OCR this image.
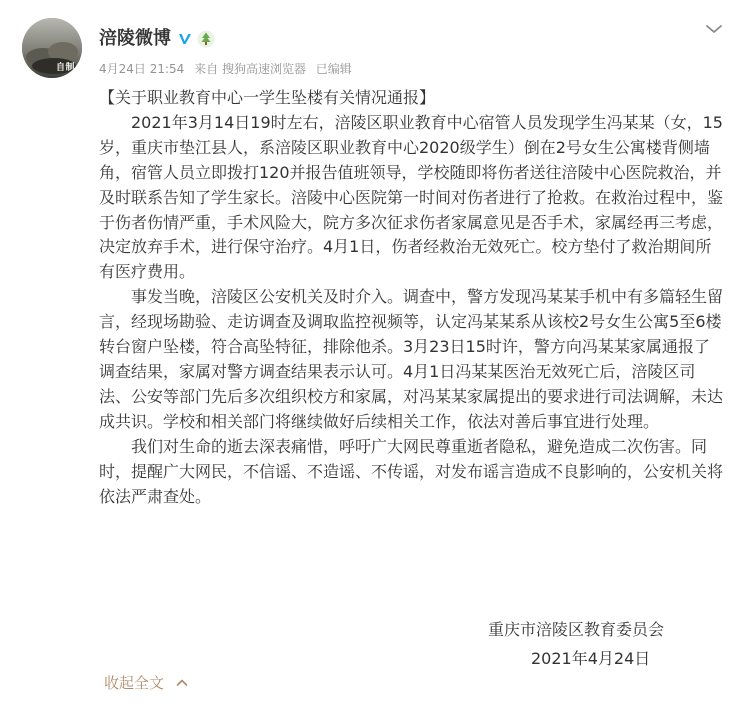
自制
涪陵微博
4月24日 21:54 来自 搜狗高速浏览器 已编辑

【关于职业教育中心一学生坠楼有关情况通报】

2021年3月14日19时左右，涪陵区职业教育中心宿管人员发现学生冯某某（女，15岁，重庆市垫江县人，系涪陵区职业教育中心2020级学生）倒在2号女生公寓楼背侧墙角，宿管人员立即拨打120并报告值班领导，学校随即将伤者送往涪陵中心医院救治，并及时联系告知了学生家长。涪陵中心医院第一时间对伤者进行了抢救。在救治过程中，鉴于伤者伤情严重，手术风险大，院方多次征求伤者家属意见是否手术，家属经再三考虑，决定放弃手术，进行保守治疗。4月1日，伤者经救治无效死亡。校方垫付了救治期间所有医疗费用。

事发当晚，涪陵区公安机关及时介入。调查中，警方发现冯某某手机中有多篇轻生留言，经现场勘验、走访调查及调取监控视频等，认定冯某某系从该校2号女生公寓5至6楼转台窗户坠楼，符合高坠特征，排除他杀。3月23日15时许，警方向冯某某家属通报了调查结果，家属对警方调查结果表示认可。4月1日冯某某医治无效死亡后，涪陵区司法、公安等部门先后多次组织校方和家属，对冯某某家属提出的要求进行司法调解，未达成共识。学校和相关部门将继续做好后续相关工作，依法对善后事宜进行处理。

我们对生命的逝去深表痛惜，呼吁广大网民尊重逝者隐私，避免造成二次伤害。同时，提醒广大网民，不信谣、不造谣、不传谣，对发布谣言造成不良影响的，公安机关将依法严肃查处。

重庆市涪陵区教育委员会
2021年4月24日
收起全文
